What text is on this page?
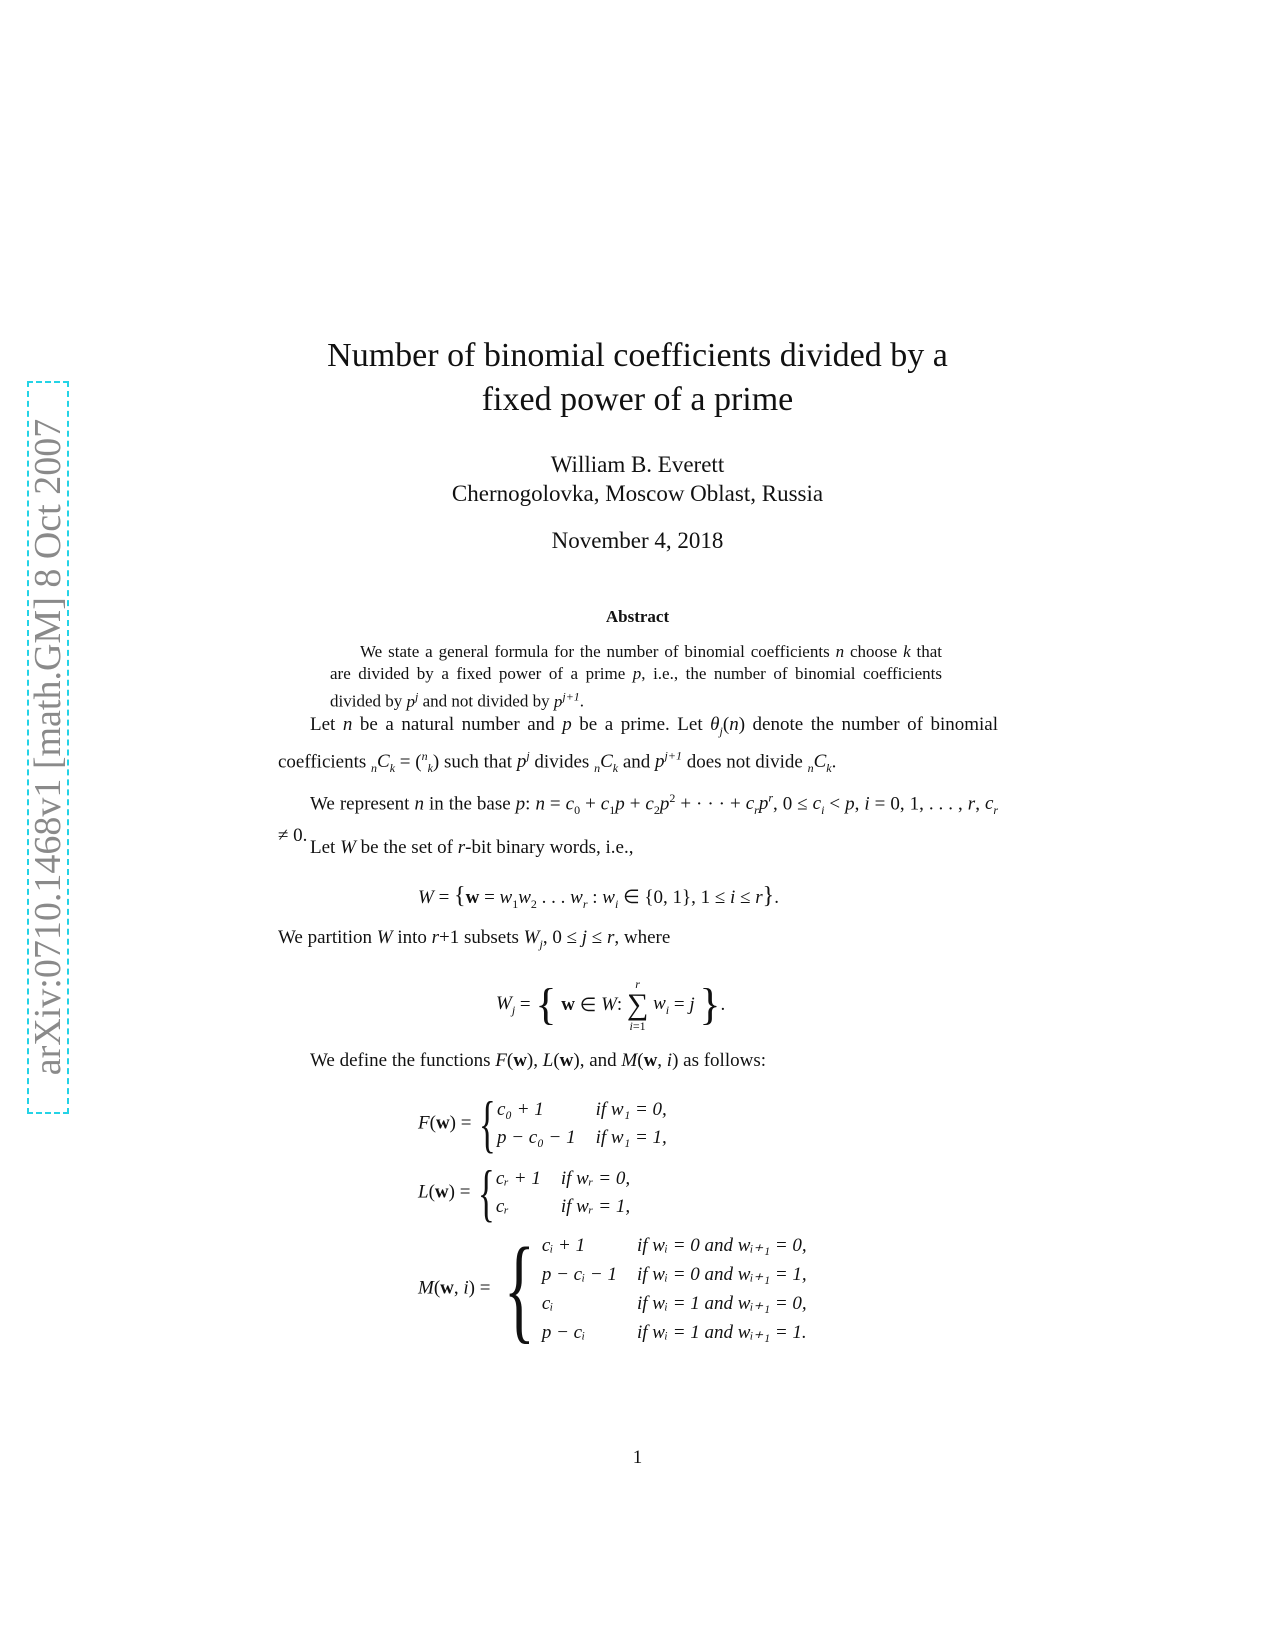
arXiv:0710.1468v1 [math.GM] 8 Oct 2007
Number of binomial coefficients divided by a
fixed power of a prime
William B. Everett
Chernogolovka, Moscow Oblast, Russia
November 4, 2018
Abstract
We state a general formula for the number of binomial coefficients n choose k that are divided by a fixed power of a prime p, i.e., the number of binomial coefficients divided by $p^j$ and not divided by $p^{j+1}$.
Let n be a natural number and p be a prime. Let $\theta_j(n)$ denote the number of binomial coefficients $_nC_k = (^n_k)$ such that $p^j$ divides $_nC_k$ and $p^{j+1}$ does not divide $_nC_k$.
We represent n in the base p: $n = c_0 + c_1p + c_2p^2$ + · · · + $c_rp^r$, $0 \le c_i < p$, i = 0, 1, . . . , r, $c_r \ne 0$.
Let W be the set of r-bit binary words, i.e.,
$W = \{w = w_1w_2$ . . . $w_r$ : $w_i$ ∈ {0, 1}, 1 ≤ i ≤ r}.
We partition W into r+1 subsets $W_j$, 0 ≤ j ≤ r, where
$W_j$ = {
w ∈ W :
r
∑
i=1

$w_i = j$
} .
We define the functions F(w), L(w), and M(w, i) as follows:
F(w) = { c₀ + 1	if w₁ = 0,
p − c₀ − 1	if w₁ = 1,
L(w) = { cᵣ + 1	if wᵣ = 0,
cᵣ	if wᵣ = 1,
M(w, i) = { cᵢ + 1	if wᵢ = 0 and wᵢ₊₁ = 0,
p − cᵢ − 1	if wᵢ = 0 and wᵢ₊₁ = 1,
cᵢ	if wᵢ = 1 and wᵢ₊₁ = 0,
p − cᵢ	if wᵢ = 1 and wᵢ₊₁ = 1.
1
